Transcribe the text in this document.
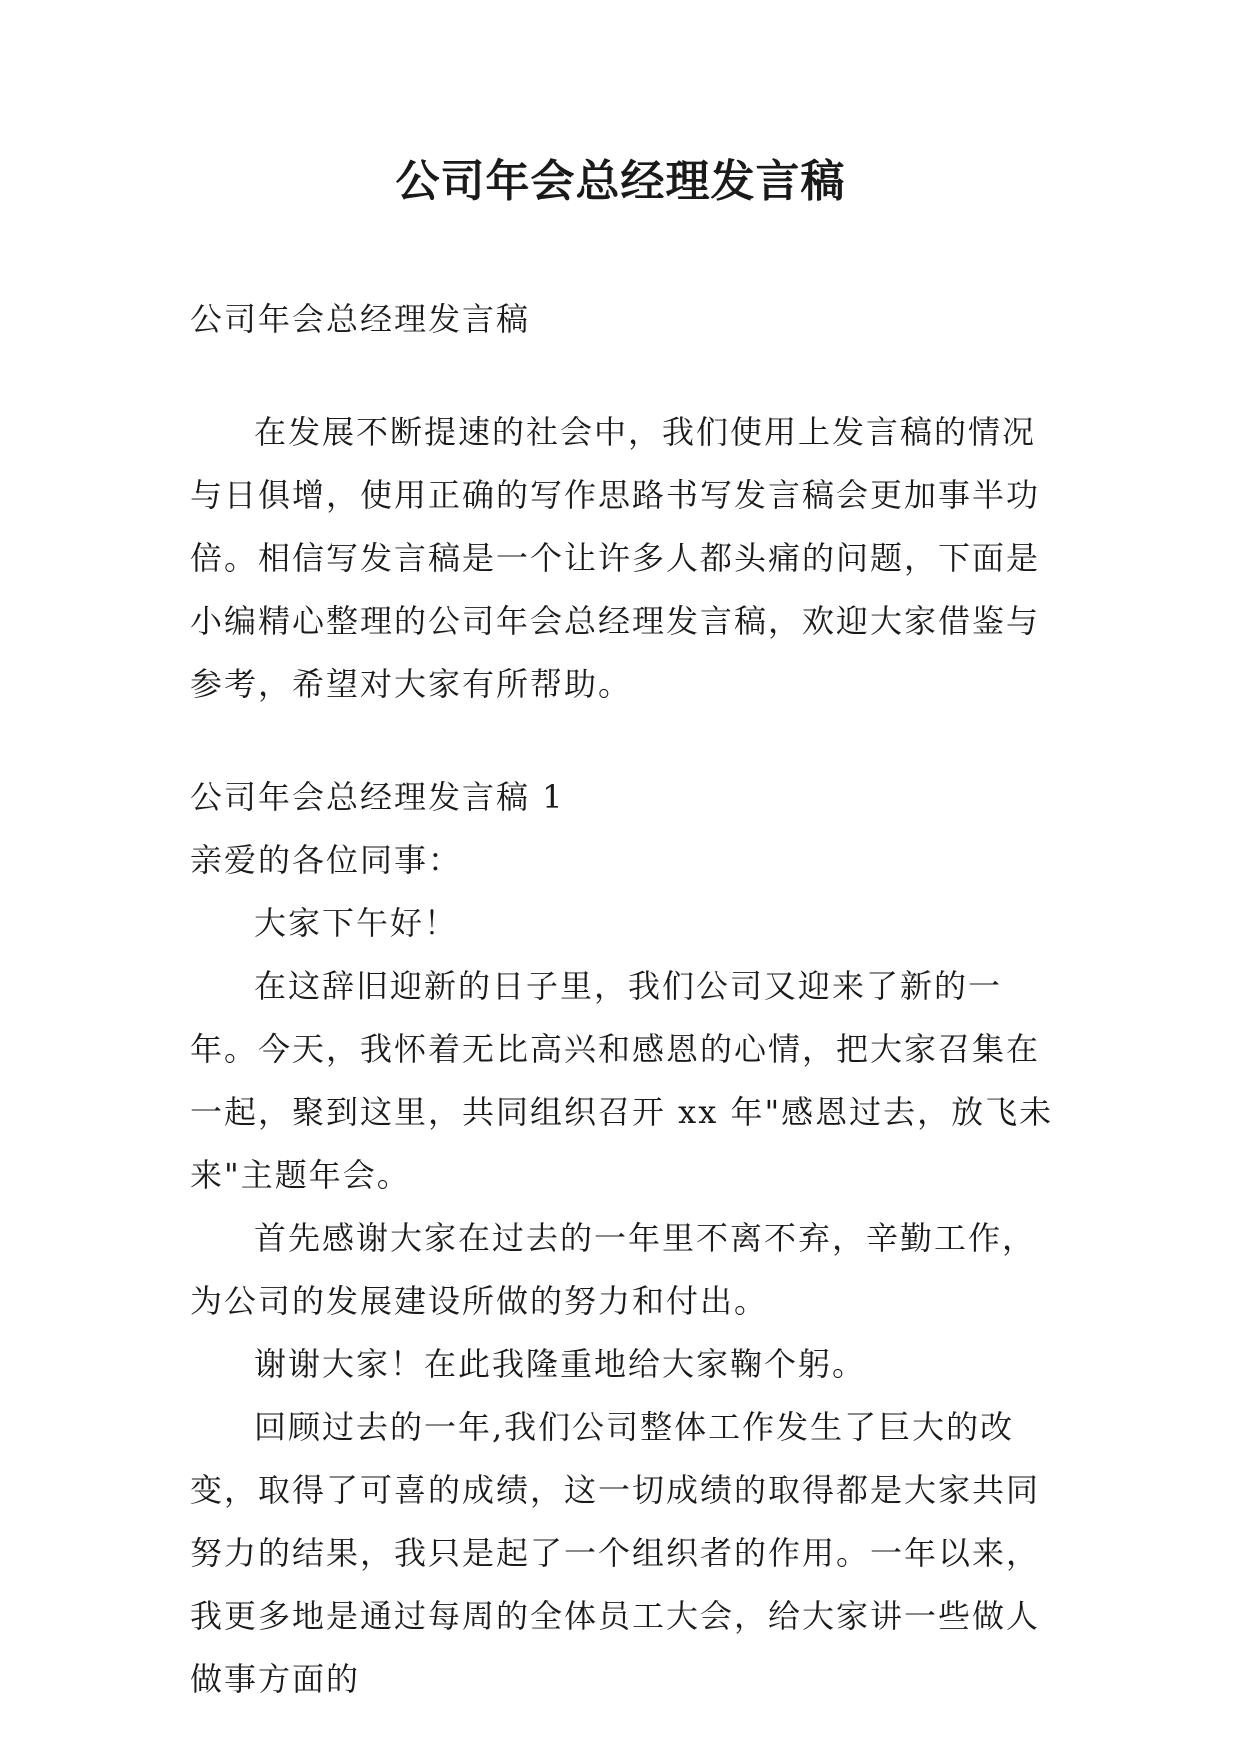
公司年会总经理发言稿

公司年会总经理发言稿

在发展不断提速的社会中，我们使用上发言稿的情况与日俱增，使用正确的写作思路书写发言稿会更加事半功倍。相信写发言稿是一个让许多人都头痛的问题，下面是小编精心整理的公司年会总经理发言稿，欢迎大家借鉴与参考，希望对大家有所帮助。

公司年会总经理发言稿 1

亲爱的各位同事：

大家下午好！

在这辞旧迎新的日子里，我们公司又迎来了新的一年。今天，我怀着无比高兴和感恩的心情，把大家召集在一起，聚到这里，共同组织召开 xx 年"感恩过去，放飞未来"主题年会。

首先感谢大家在过去的一年里不离不弃，辛勤工作，为公司的发展建设所做的努力和付出。

谢谢大家！在此我隆重地给大家鞠个躬。

回顾过去的一年,我们公司整体工作发生了巨大的改变，取得了可喜的成绩，这一切成绩的取得都是大家共同努力的结果，我只是起了一个组织者的作用。一年以来，我更多地是通过每周的全体员工大会，给大家讲一些做人做事方面的
